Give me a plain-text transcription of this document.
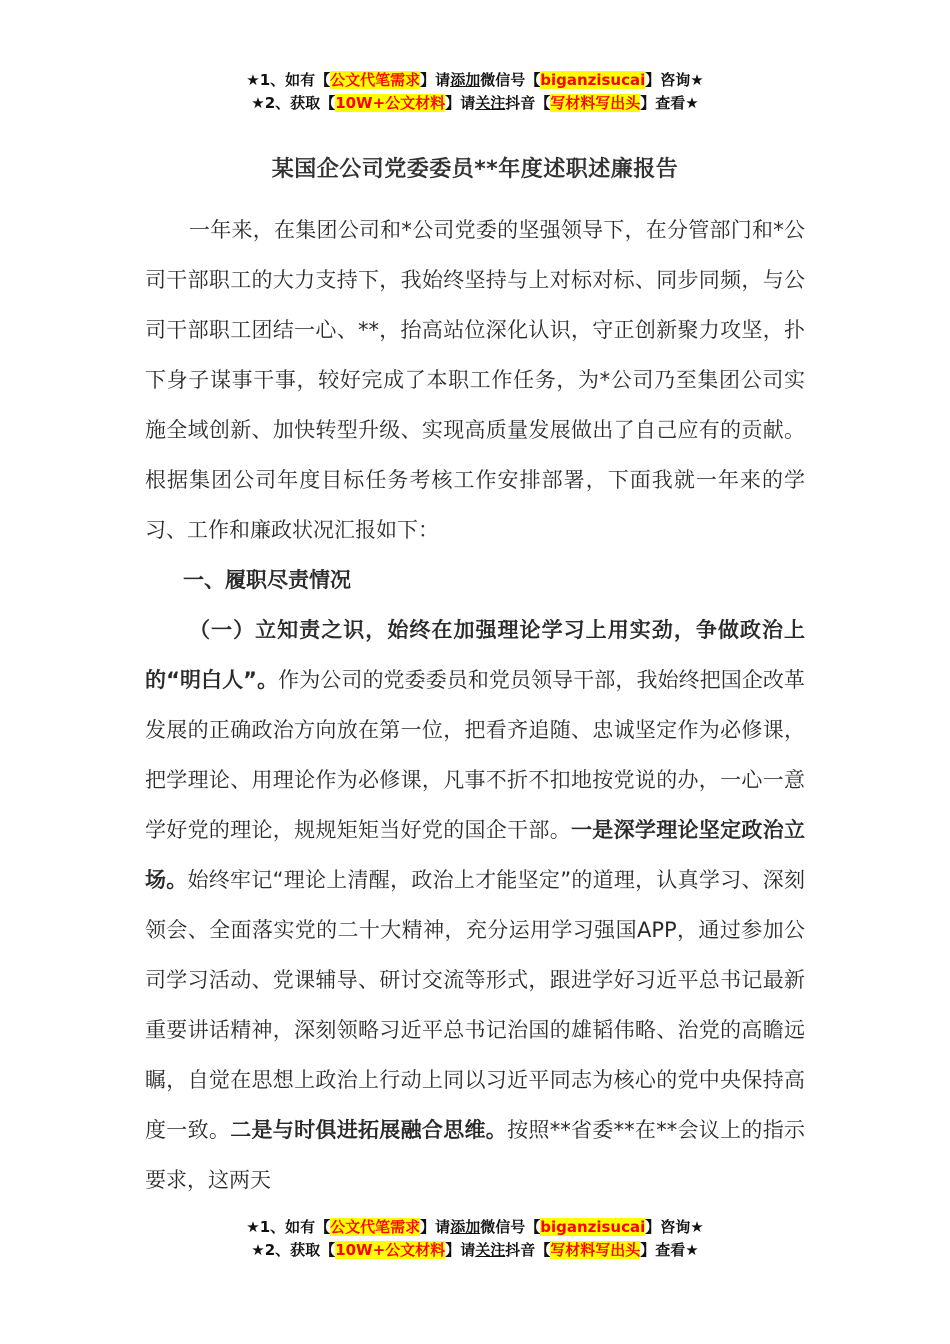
★1、如有【公文代笔需求】请添加微信号【biganzisucai】咨询★
★2、获取【10W+公文材料】请关注抖音【写材料写出头】查看★
某国企公司党委委员**年度述职述廉报告

一年来，在集团公司和*公司党委的坚强领导下，在分管部门和*公司干部职工的大力支持下，我始终坚持与上对标对标、同步同频，与公司干部职工团结一心、**，抬高站位深化认识，守正创新聚力攻坚，扑下身子谋事干事，较好完成了本职工作任务，为*公司乃至集团公司实施全域创新、加快转型升级、实现高质量发展做出了自己应有的贡献。根据集团公司年度目标任务考核工作安排部署，下面我就一年来的学习、工作和廉政状况汇报如下：

一、履职尽责情况

（一）立知责之识，始终在加强理论学习上用实劲，争做政治上的“明白人”。作为公司的党委委员和党员领导干部，我始终把国企改革发展的正确政治方向放在第一位，把看齐追随、忠诚坚定作为必修课，把学理论、用理论作为必修课，凡事不折不扣地按党说的办，一心一意学好党的理论，规规矩矩当好党的国企干部。一是深学理论坚定政治立场。始终牢记“理论上清醒，政治上才能坚定”的道理，认真学习、深刻领会、全面落实党的二十大精神，充分运用学习强国APP，通过参加公司学习活动、党课辅导、研讨交流等形式，跟进学好习近平总书记最新重要讲话精神，深刻领略习近平总书记治国的雄韬伟略、治党的高瞻远瞩，自觉在思想上政治上行动上同以习近平同志为核心的党中央保持高度一致。二是与时俱进拓展融合思维。按照**省委**在**会议上的指示要求，这两天

★1、如有【公文代笔需求】请添加微信号【biganzisucai】咨询★
★2、获取【10W+公文材料】请关注抖音【写材料写出头】查看★
